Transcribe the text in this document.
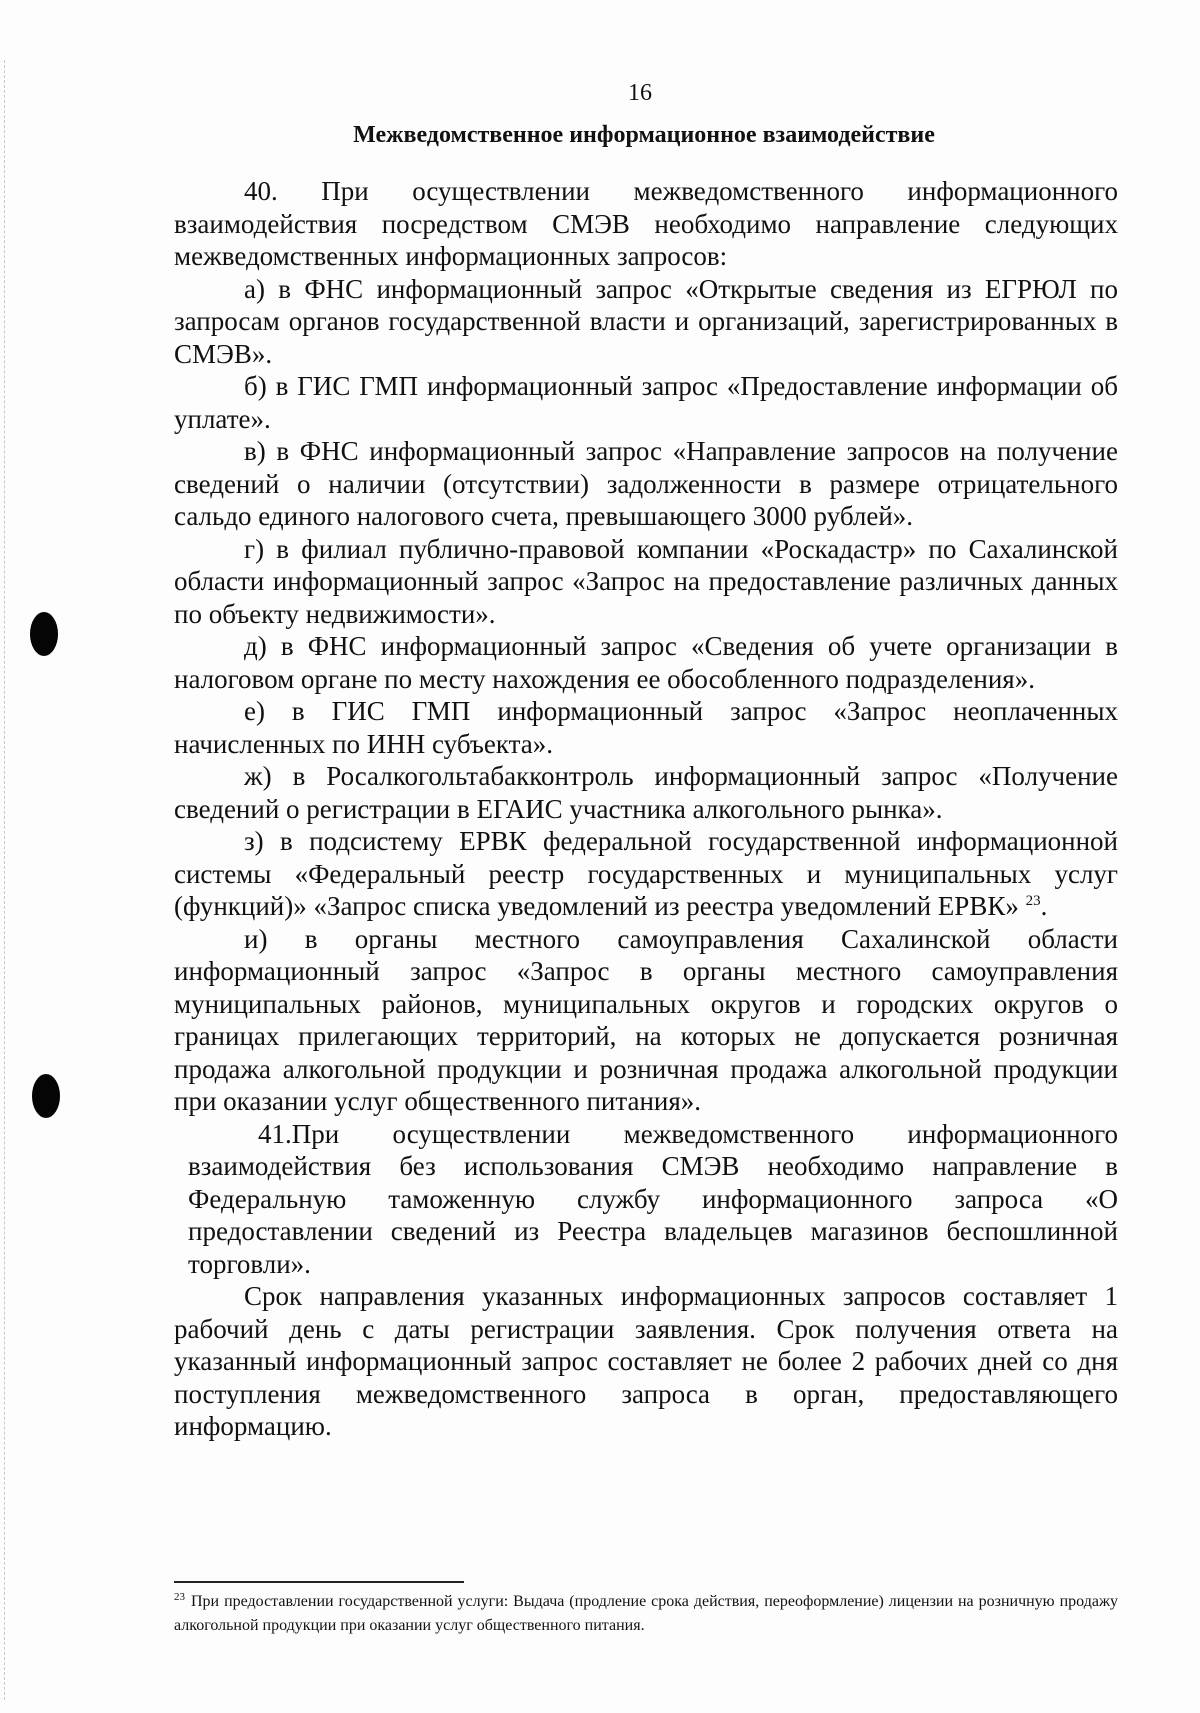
16
Межведомственное информационное взаимодействие

40. При осуществлении межведомственного информационного взаимодействия посредством СМЭВ необходимо направление следующих межведомственных информационных запросов:

а) в ФНС информационный запрос «Открытые сведения из ЕГРЮЛ по запросам органов государственной власти и организаций, зарегистрированных в СМЭВ».

б) в ГИС ГМП информационный запрос «Предоставление информации об уплате».

в) в ФНС информационный запрос «Направление запросов на получение сведений о наличии (отсутствии) задолженности в размере отрицательного сальдо единого налогового счета, превышающего 3000 рублей».

г) в филиал публично-правовой компании «Роскадастр» по Сахалинской области информационный запрос «Запрос на предоставление различных данных по объекту недвижимости».

д) в ФНС информационный запрос «Сведения об учете организации в налоговом органе по месту нахождения ее обособленного подразделения».

е) в ГИС ГМП информационный запрос «Запрос неоплаченных начисленных по ИНН субъекта».

ж) в Росалкогольтабакконтроль информационный запрос «Получение сведений о регистрации в ЕГАИС участника алкогольного рынка».

з) в подсистему ЕРВК федеральной государственной информационной системы «Федеральный реестр государственных и муниципальных услуг (функций)» «Запрос списка уведомлений из реестра уведомлений ЕРВК» $^{23}$.

и) в органы местного самоуправления Сахалинской области информационный запрос «Запрос в органы местного самоуправления муниципальных районов, муниципальных округов и городских округов о границах прилегающих территорий, на которых не допускается розничная продажа алкогольной продукции и розничная продажа алкогольной продукции при оказании услуг общественного питания».

41.При осуществлении межведомственного информационного взаимодействия без использования СМЭВ необходимо направление в Федеральную таможенную службу информационного запроса «О предоставлении сведений из Реестра владельцев магазинов беспошлинной торговли».

Срок направления указанных информационных запросов составляет 1 рабочий день с даты регистрации заявления. Срок получения ответа на указанный информационный запрос составляет не более 2 рабочих дней со дня поступления межведомственного запроса в орган, предоставляющего информацию.

$^{23}$ При предоставлении государственной услуги: Выдача (продление срока действия, переоформление) лицензии на розничную продажу алкогольной продукции при оказании услуг общественного питания.
